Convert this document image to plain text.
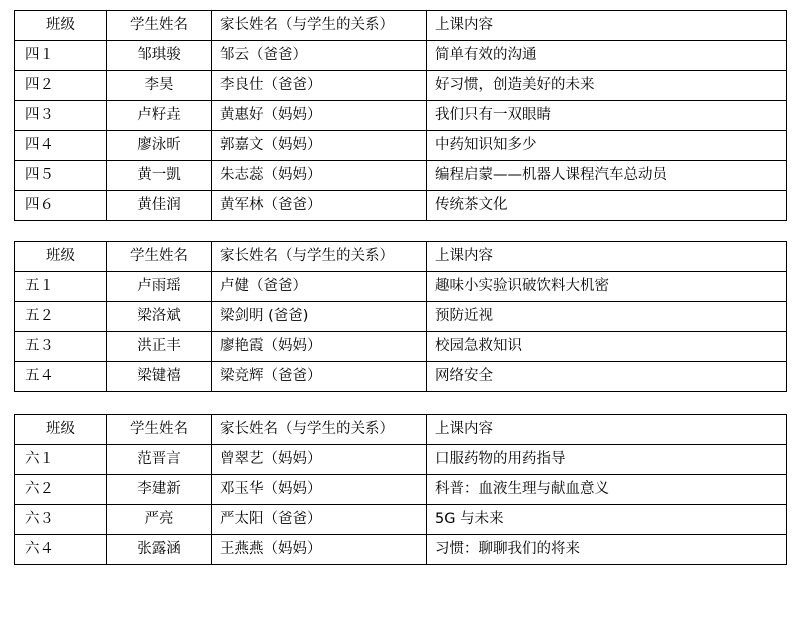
班级	学生姓名	家长姓名（与学生的关系）	上课内容
四１	邹琪骏	邹云（爸爸）	简单有效的沟通
四２	李昊	李良仕（爸爸）	好习惯，创造美好的未来
四３	卢籽垚	黄惠好（妈妈）	我们只有一双眼睛
四４	廖泳昕	郭嘉文（妈妈）	中药知识知多少
四５	黄一凱	朱志蕊（妈妈）	编程启蒙——机器人课程汽车总动员
四６	黄佳润	黄军林（爸爸）	传统茶文化
班级	学生姓名	家长姓名（与学生的关系）	上课内容
五１	卢雨瑶	卢健（爸爸）	趣味小实验识破饮料大机密
五２	梁洛斌	梁剑明 (爸爸)	预防近视
五３	洪正丰	廖艳霞（妈妈）	校园急救知识
五４	梁键禧	梁竞辉（爸爸）	网络安全
班级	学生姓名	家长姓名（与学生的关系）	上课内容
六１	范晋言	曾翠艺（妈妈）	口服药物的用药指导
六２	李建新	邓玉华（妈妈）	科普：血液生理与献血意义
六３	严亮	严太阳（爸爸）	5G 与未来
六４	张露涵	王燕燕（妈妈）	习惯：聊聊我们的将来
